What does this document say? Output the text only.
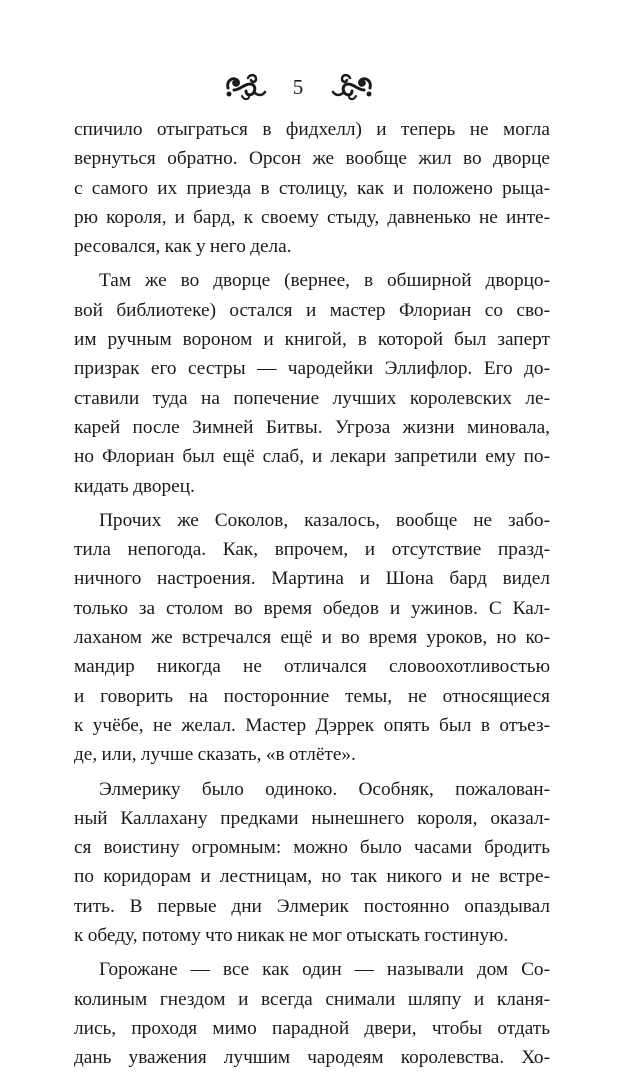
5

спичило отыграться в фидхелл) и теперь не могла
вернуться обратно. Орсон же вообще жил во дворце
с самого их приезда в столицу, как и положено рыца-
рю короля, и бард, к своему стыду, давненько не инте-
ресовался, как у него дела.

Там же во дворце (вернее, в обширной дворцо-
вой библиотеке) остался и мастер Флориан со сво-
им ручным вороном и книгой, в которой был заперт
призрак его сестры — чародейки Эллифлор. Его до-
ставили туда на попечение лучших королевских ле-
карей после Зимней Битвы. Угроза жизни миновала,
но Флориан был ещё слаб, и лекари запретили ему по-
кидать дворец.

Прочих же Соколов, казалось, вообще не забо-
тила непогода. Как, впрочем, и отсутствие празд-
ничного настроения. Мартина и Шона бард видел
только за столом во время обедов и ужинов. С Кал-
лаханом же встречался ещё и во время уроков, но ко-
мандир никогда не отличался словоохотливостью
и говорить на посторонние темы, не относящиеся
к учёбе, не желал. Мастер Дэррек опять был в отъез-
де, или, лучше сказать, «в отлёте».

Элмерику было одиноко. Особняк, пожалован-
ный Каллахану предками нынешнего короля, оказал-
ся воистину огромным: можно было часами бродить
по коридорам и лестницам, но так никого и не встре-
тить. В первые дни Элмерик постоянно опаздывал
к обеду, потому что никак не мог отыскать гостиную.

Горожане — все как один — называли дом Со-
колиным гнездом и всегда снимали шляпу и кланя-
лись, проходя мимо парадной двери, чтобы отдать
дань уважения лучшим чародеям королевства. Хо-
